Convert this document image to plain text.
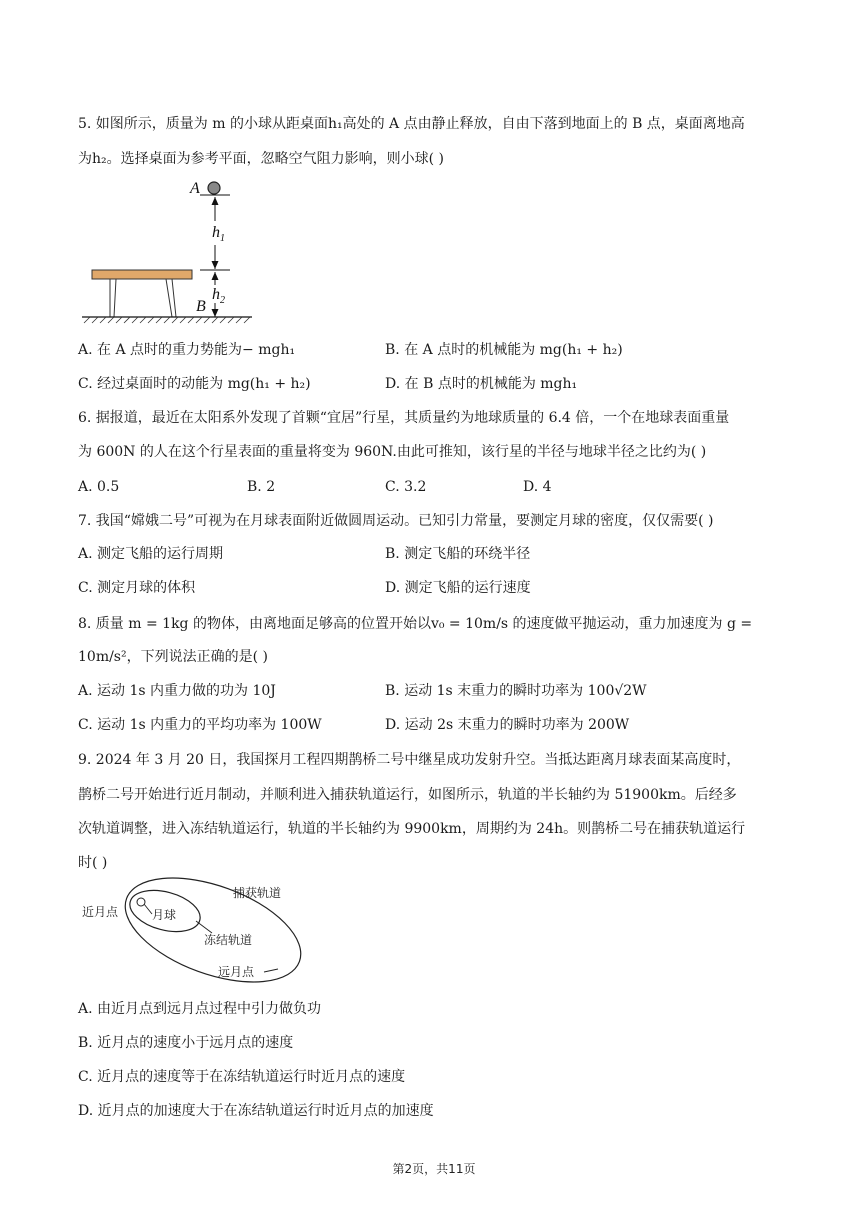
5. 如图所示，质量为 m 的小球从距桌面h₁高处的 A 点由静止释放，自由下落到地面上的 B 点，桌面离地高
为h₂。选择桌面为参考平面，忽略空气阻力影响，则小球( )
A
$h_1$
$h_2$
B
A. 在 A 点时的重力势能为− mgh₁	B. 在 A 点时的机械能为 mg(h₁ + h₂)
C. 经过桌面时的动能为 mg(h₁ + h₂)	D. 在 B 点时的机械能为 mgh₁
6. 据报道，最近在太阳系外发现了首颗“宜居”行星，其质量约为地球质量的 6.4 倍，一个在地球表面重量
为 600N 的人在这个行星表面的重量将变为 960N.由此可推知，该行星的半径与地球半径之比约为( )
A. 0.5	B. 2	C. 3.2	D. 4
7. 我国“嫦娥二号”可视为在月球表面附近做圆周运动。已知引力常量，要测定月球的密度，仅仅需要( )
A. 测定飞船的运行周期	B. 测定飞船的环绕半径
C. 测定月球的体积	D. 测定飞船的运行速度
8. 质量 m = 1kg 的物体，由离地面足够高的位置开始以v₀ = 10m/s 的速度做平抛运动，重力加速度为 g =
10m/s²，下列说法正确的是( )
A. 运动 1s 内重力做的功为 10J	B. 运动 1s 末重力的瞬时功率为 100√2W
C. 运动 1s 内重力的平均功率为 100W	D. 运动 2s 末重力的瞬时功率为 200W
9. 2024 年 3 月 20 日，我国探月工程四期鹊桥二号中继星成功发射升空。当抵达距离月球表面某高度时，
鹊桥二号开始进行近月制动，并顺利进入捕获轨道运行，如图所示，轨道的半长轴约为 51900km。后经多
次轨道调整，进入冻结轨道运行，轨道的半长轴约为 9900km，周期约为 24h。则鹊桥二号在捕获轨道运行
时( )
近月点	月球
捕获轨道
冻结轨道
远月点
A. 由近月点到远月点过程中引力做负功
B. 近月点的速度小于远月点的速度
C. 近月点的速度等于在冻结轨道运行时近月点的速度
D. 近月点的加速度大于在冻结轨道运行时近月点的加速度
第2页，共11页
